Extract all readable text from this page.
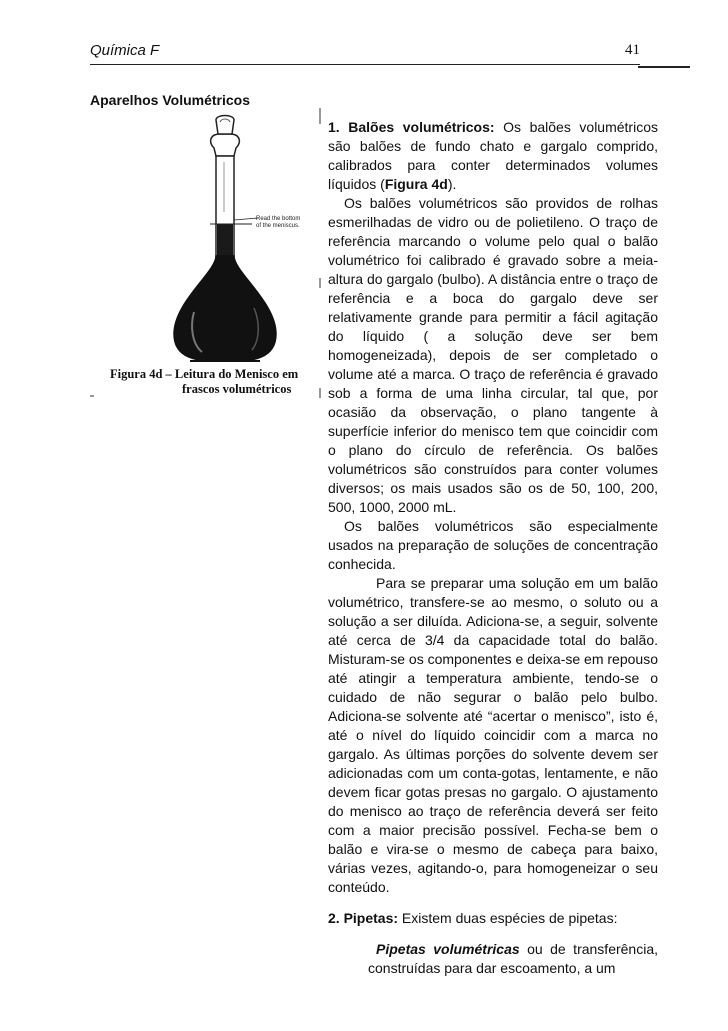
Química F	41
Aparelhos Volumétricos
Read the bottom
of the meniscus.
Figura 4d – Leitura do Menisco em
frascos volumétricos

1. Balões volumétricos: Os balões volumétricos são balões de fundo chato e gargalo comprido, calibrados para conter determinados volumes líquidos (Figura 4d).

Os balões volumétricos são providos de rolhas esmerilhadas de vidro ou de polietileno. O traço de referência marcando o volume pelo qual o balão volumétrico foi calibrado é gravado sobre a meia-altura do gargalo (bulbo). A distância entre o traço de referência e a boca do gargalo deve ser relativamente grande para permitir a fácil agitação do líquido ( a solução deve ser bem homogeneizada), depois de ser completado o volume até a marca. O traço de referência é gravado sob a forma de uma linha circular, tal que, por ocasião da observação, o plano tangente à superfície inferior do menisco tem que coincidir com o plano do círculo de referência. Os balões volumétricos são construídos para conter volumes diversos; os mais usados são os de 50, 100, 200, 500, 1000, 2000 mL.

Os balões volumétricos são especialmente usados na preparação de soluções de concentração conhecida.

Para se preparar uma solução em um balão volumétrico, transfere-se ao mesmo, o soluto ou a solução a ser diluída. Adiciona-se, a seguir, solvente até cerca de 3/4 da capacidade total do balão. Misturam-se os componentes e deixa-se em repouso até atingir a temperatura ambiente, tendo-se o cuidado de não segurar o balão pelo bulbo. Adiciona-se solvente até “acertar o menisco”, isto é, até o nível do líquido coincidir com a marca no gargalo. As últimas porções do solvente devem ser adicionadas com um conta-gotas, lentamente, e não devem ficar gotas presas no gargalo. O ajustamento do menisco ao traço de referência deverá ser feito com a maior precisão possível. Fecha-se bem o balão e vira-se o mesmo de cabeça para baixo, várias vezes, agitando-o, para homogeneizar o seu conteúdo.

2. Pipetas: Existem duas espécies de pipetas:

Pipetas volumétricas ou de transferência, construídas para dar escoamento, a um
